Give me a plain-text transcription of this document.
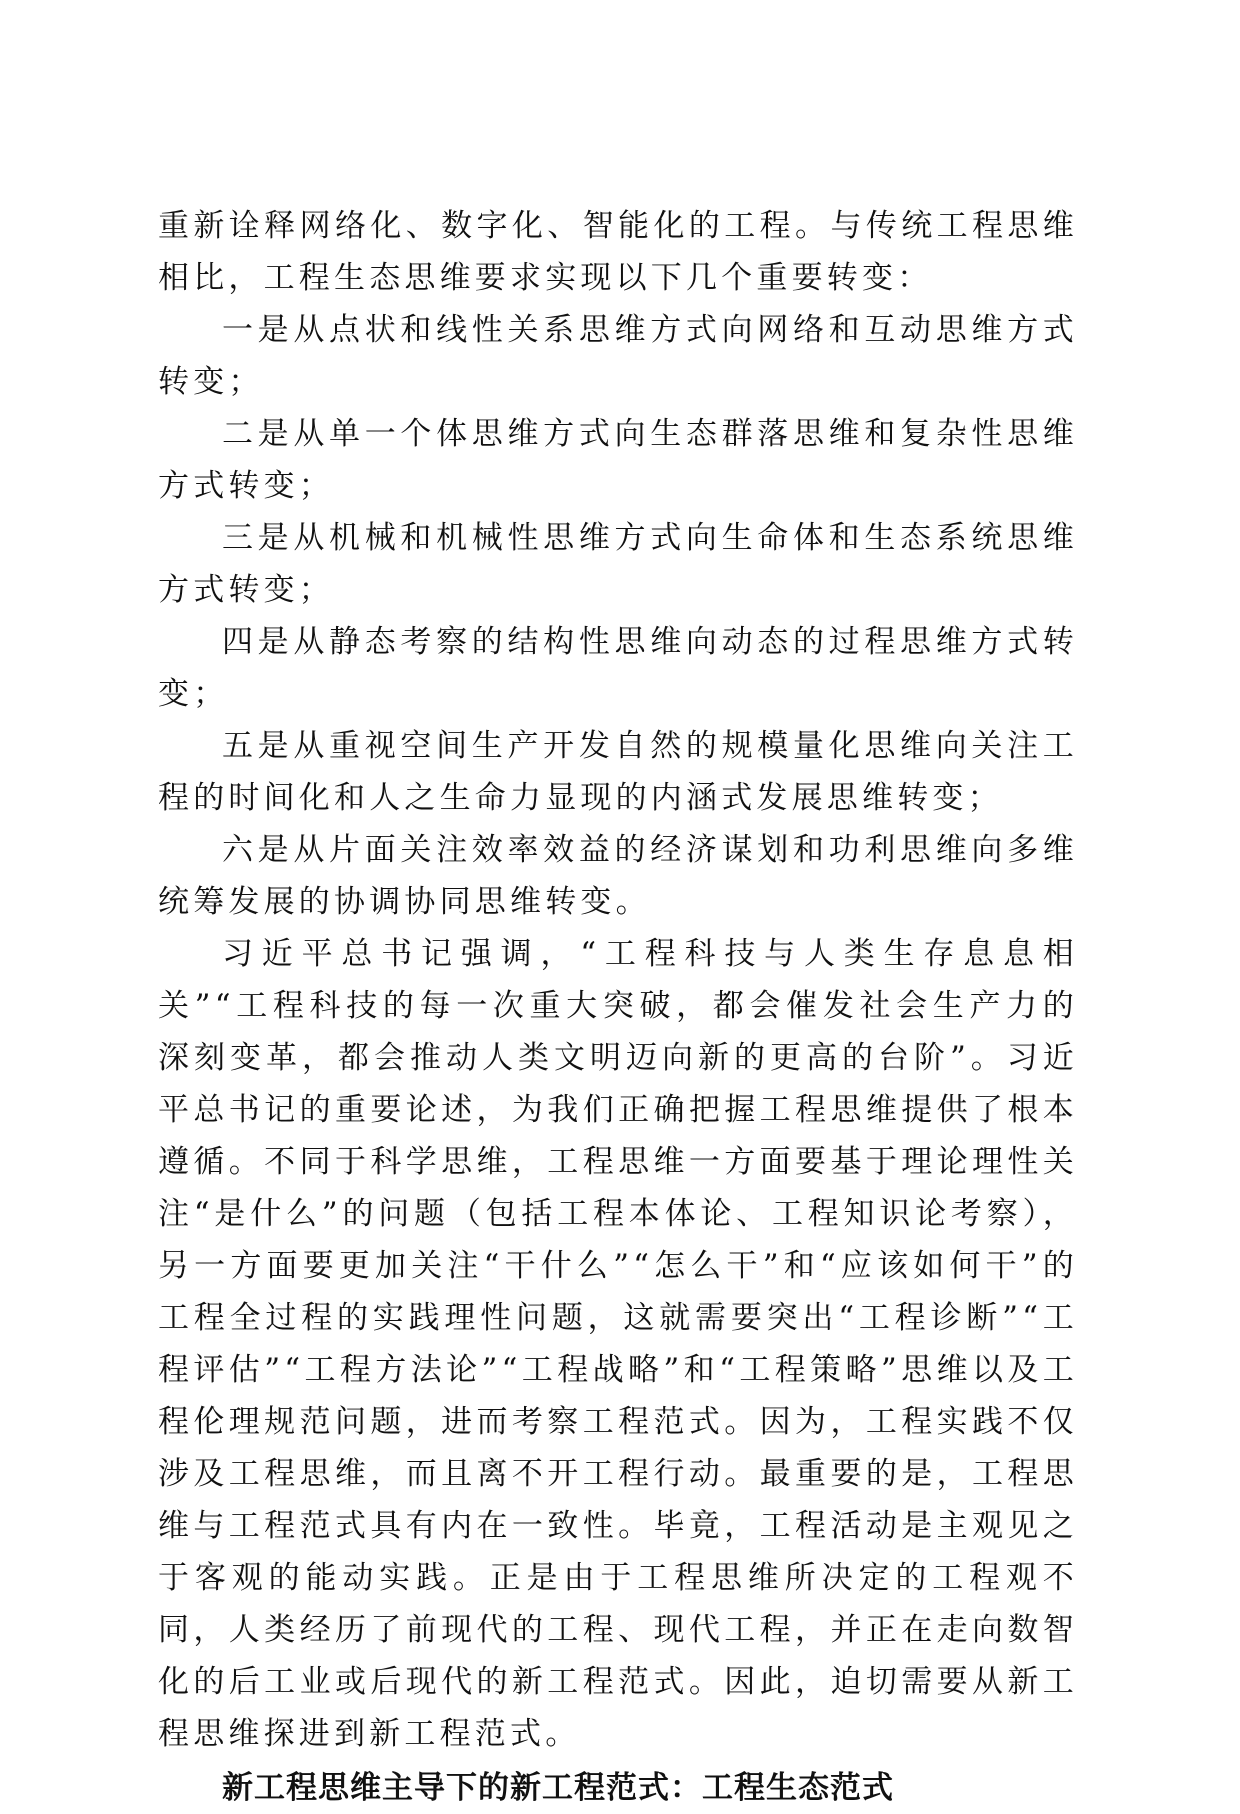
重新诠释网络化、数字化、智能化的工程。与传统工程思维相比，工程生态思维要求实现以下几个重要转变：

一是从点状和线性关系思维方式向网络和互动思维方式转变；

二是从单一个体思维方式向生态群落思维和复杂性思维方式转变；

三是从机械和机械性思维方式向生命体和生态系统思维方式转变；

四是从静态考察的结构性思维向动态的过程思维方式转变；

五是从重视空间生产开发自然的规模量化思维向关注工程的时间化和人之生命力显现的内涵式发展思维转变；

六是从片面关注效率效益的经济谋划和功利思维向多维统筹发展的协调协同思维转变。

习近平总书记强调，“工程科技与人类生存息息相关”“工程科技的每一次重大突破，都会催发社会生产力的深刻变革，都会推动人类文明迈向新的更高的台阶”。习近平总书记的重要论述，为我们正确把握工程思维提供了根本遵循。不同于科学思维，工程思维一方面要基于理论理性关注“是什么”的问题（包括工程本体论、工程知识论考察），另一方面要更加关注“干什么”“怎么干”和“应该如何干”的工程全过程的实践理性问题，这就需要突出“工程诊断”“工程评估”“工程方法论”“工程战略”和“工程策略”思维以及工程伦理规范问题，进而考察工程范式。因为，工程实践不仅涉及工程思维，而且离不开工程行动。最重要的是，工程思维与工程范式具有内在一致性。毕竟，工程活动是主观见之于客观的能动实践。正是由于工程思维所决定的工程观不同，人类经历了前现代的工程、现代工程，并正在走向数智化的后工业或后现代的新工程范式。因此，迫切需要从新工程思维探进到新工程范式。

新工程思维主导下的新工程范式：工程生态范式
